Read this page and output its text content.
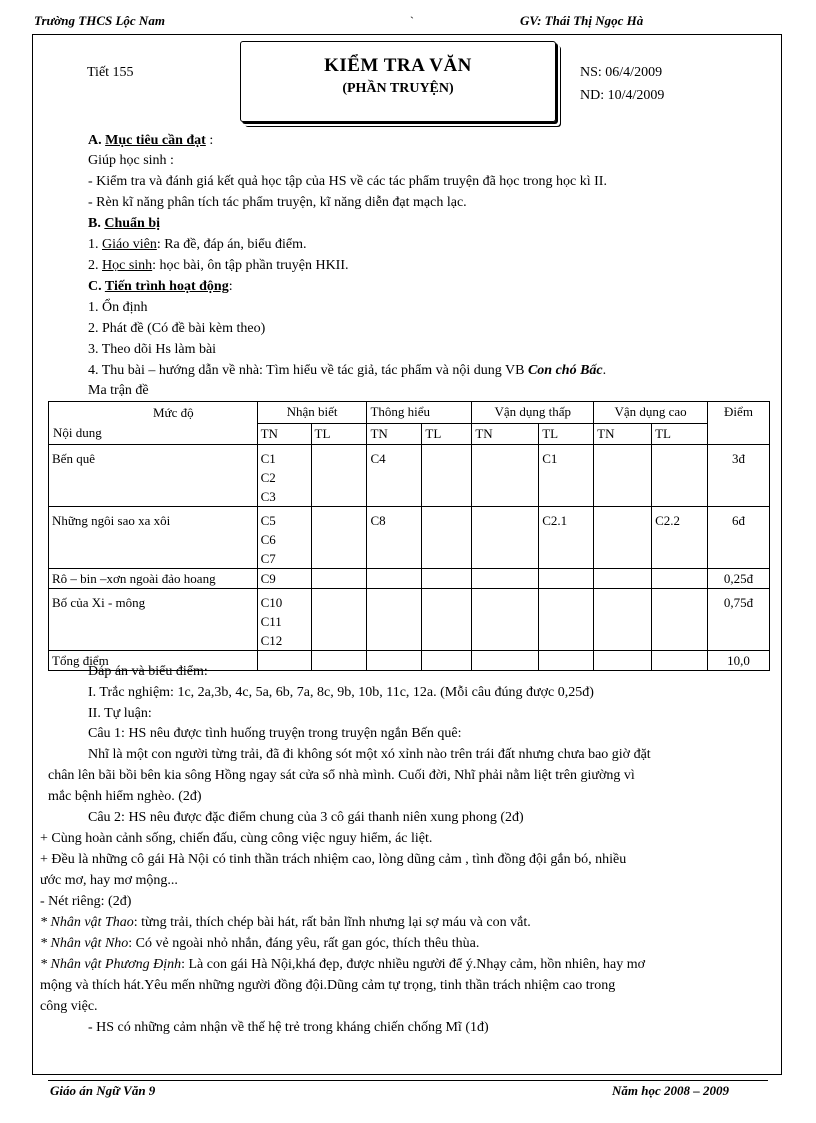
Trường THCS Lộc Nam	`	GV: Thái Thị Ngọc Hà
Tiết 155	KIỂM TRA VĂN
(PHẦN TRUYỆN)
NS: 06/4/2009
ND: 10/4/2009
A. Mục tiêu cần đạt :
Giúp học sinh :
- Kiểm tra và đánh giá kết quả học tập của HS về các tác phẩm truyện đã học trong học kì II.
- Rèn kĩ năng phân tích tác phẩm truyện, kĩ năng diễn đạt mạch lạc.
B. Chuẩn bị
1. Giáo viên: Ra đề, đáp án, biểu điểm.
2. Học sinh: học bài, ôn tập phần truyện HKII.
C. Tiến trình hoạt động:
1. Ổn định
2. Phát đề (Có đề bài kèm theo)
3. Theo dõi Hs làm bài
4. Thu bài – hướng dẫn về nhà: Tìm hiểu về tác giả, tác phẩm và nội dung VB Con chó Bấc.
Ma trận đề
Mức độ
Nội dung	Nhận biết		Thông hiểu		Vận dụng thấp		Vận dụng cao		Điểm
	TN	TL	TN	TL	TN	TL	TN	TL	
Bến quê	C1
C2
C3		C4			C1			3đ
Những ngôi sao xa xôi	C5
C6
C7		C8			C2.1		C2.2	6đ
Rô – bin –xơn ngoài đảo hoang	C9								0,25đ
Bố của Xi - mông	C10
C11
C12								0,75đ
Tổng điểm									10,0
Đáp án và biểu điểm:
I. Trắc nghiệm: 1c, 2a,3b, 4c, 5a, 6b, 7a, 8c, 9b, 10b, 11c, 12a. (Mỗi câu đúng được 0,25đ)
II. Tự luận:
Câu 1: HS nêu được tình huống truyện trong truyện ngắn Bến quê:
Nhĩ là một con người từng trải, đã đi không sót một xó xỉnh nào trên trái đất nhưng chưa bao giờ đặt
chân lên bãi bồi bên kia sông Hồng ngay sát cửa sổ nhà mình. Cuối đời, Nhĩ phải nằm liệt trên giường vì
mắc bệnh hiểm nghèo. (2đ)
Câu 2: HS nêu được đặc điểm chung của 3 cô gái thanh niên xung phong (2đ)
+ Cùng hoàn cảnh sống, chiến đấu, cùng công việc nguy hiểm, ác liệt.
+ Đều là những cô gái Hà Nội có tinh thần trách nhiệm cao, lòng dũng cảm , tình đồng đội gắn bó, nhiều
ước mơ, hay mơ mộng...
- Nét riêng: (2đ)
* Nhân vật Thao: từng trải, thích chép bài hát, rất bản lĩnh nhưng lại sợ máu và con vắt.
* Nhân vật Nho: Có vẻ ngoài nhỏ nhắn, đáng yêu, rất gan góc, thích thêu thùa.
* Nhân vật Phương Định: Là con gái Hà Nội,khá đẹp, được nhiều người để ý.Nhạy cảm, hồn nhiên, hay mơ
mộng và thích hát.Yêu mến những người đồng đội.Dũng cảm tự trọng, tinh thần trách nhiệm cao trong
công việc.
- HS có những cảm nhận về thế hệ trẻ trong kháng chiến chống Mĩ (1đ)
Giáo án Ngữ Văn 9	Năm học 2008 – 2009
